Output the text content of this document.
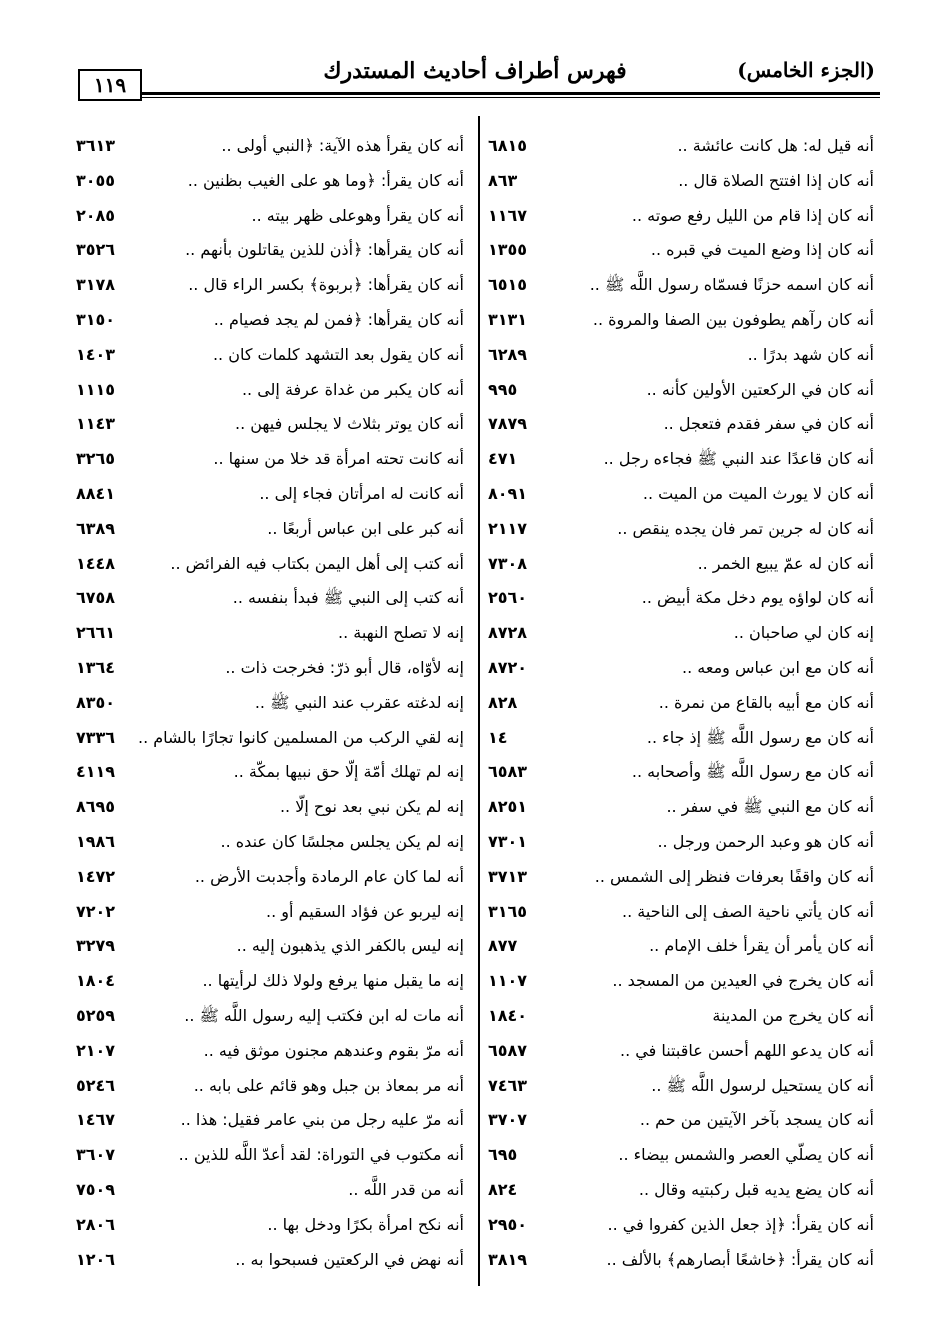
(الجزء الخامس)
فهرس أطراف أحاديث المستدرك
١١٩
أنه قيل له: هل كانت عائشة ..
٦٨١٥
أنه كان إذا افتتح الصلاة قال ..
٨٦٣
أنه كان إذا قام من الليل رفع صوته ..
١١٦٧
أنه كان إذا وضع الميت في قبره ..
١٣٥٥
أنه كان اسمه حزنًا فسمّاه رسول اللَّه ﷺ ..
٦٥١٥
أنه كان رآهم يطوفون بين الصفا والمروة ..
٣١٣١
أنه كان شهد بدرًا ..
٦٢٨٩
أنه كان في الركعتين الأولين كأنه ..
٩٩٥
أنه كان في سفر فقدم فتعجل ..
٧٨٧٩
أنه كان قاعدًا عند النبي ﷺ فجاءه رجل ..
٤٧١
أنه كان لا يورث الميت من الميت ..
٨٠٩١
أنه كان له جرين تمر فان يجده ينقص ..
٢١١٧
أنه كان له عمّ يبيع الخمر ..
٧٣٠٨
أنه كان لواؤه يوم دخل مكة أبيض ..
٢٥٦٠
إنه كان لي صاحبان ..
٨٧٢٨
أنه كان مع ابن عباس ومعه ..
٨٧٢٠
أنه كان مع أبيه بالقاع من نمرة ..
٨٢٨
أنه كان مع رسول اللَّه ﷺ إذ جاء ..
١٤
أنه كان مع رسول اللَّه ﷺ وأصحابه ..
٦٥٨٣
أنه كان مع النبي ﷺ في سفر ..
٨٢٥١
أنه كان هو وعبد الرحمن ورجل ..
٧٣٠١
أنه كان واقفًا بعرفات فنظر إلى الشمس ..
٣٧١٣
أنه كان يأتي ناحية الصف إلى الناحية ..
٣١٦٥
أنه كان يأمر أن يقرأ خلف الإمام ..
٨٧٧
أنه كان يخرج في العيدين من المسجد ..
١١٠٧
أنه كان يخرج من المدينة
١٨٤٠
أنه كان يدعو اللهم أحسن عاقبتنا في ..
٦٥٨٧
أنه كان يستحيل لرسول اللَّه ﷺ ..
٧٤٦٣
أنه كان يسجد بآخر الآيتين من حم ..
٣٧٠٧
أنه كان يصلّي العصر والشمس بيضاء ..
٦٩٥
أنه كان يضع يديه قبل ركبتيه وقال ..
٨٢٤
أنه كان يقرأ: ﴿إذ جعل الذين كفروا في ..
٢٩٥٠
أنه كان يقرأ: ﴿خاشعًا أبصارهم﴾ بالألف ..
٣٨١٩
أنه كان يقرأ هذه الآية: ﴿النبي أولى ..
٣٦١٣
أنه كان يقرأ: ﴿وما هو على الغيب بظنين ..
٣٠٥٥
أنه كان يقرأ وهوعلى ظهر بيته ..
٢٠٨٥
أنه كان يقرأها: ﴿أذن للذين يقاتلون بأنهم ..
٣٥٢٦
أنه كان يقرأها: ﴿بربوة﴾ بكسر الراء قال ..
٣١٧٨
أنه كان يقرأها: ﴿فمن لم يجد فصيام ..
٣١٥٠
أنه كان يقول بعد التشهد كلمات كان ..
١٤٠٣
أنه كان يكبر من غداة عرفة إلى ..
١١١٥
أنه كان يوتر بثلاث لا يجلس فيهن ..
١١٤٣
أنه كانت تحته امرأة قد خلا من سنها ..
٣٢٦٥
أنه كانت له امرأتان فجاء إلى ..
٨٨٤١
أنه كبر على ابن عباس أربعًا ..
٦٣٨٩
أنه كتب إلى أهل اليمن بكتاب فيه الفرائض ..
١٤٤٨
أنه كتب إلى النبي ﷺ فبدأ بنفسه ..
٦٧٥٨
إنه لا تصلح النهبة ..
٢٦٦١
إنه لأوّاه، قال أبو ذرّ: فخرجت ذات ..
١٣٦٤
إنه لدغته عقرب عند النبي ﷺ ..
٨٣٥٠
إنه لقي الركب من المسلمين كانوا تجارًا بالشام ..
٧٣٣٦
إنه لم تهلك أمّة إلّا حق نبيها بمكّة ..
٤١١٩
إنه لم يكن نبي بعد نوح إلّا ..
٨٦٩٥
إنه لم يكن يجلس مجلسًا كان عنده ..
١٩٨٦
أنه لما كان عام الرمادة وأجدبت الأرض ..
١٤٧٢
إنه ليربو عن فؤاد السقيم أو ..
٧٢٠٢
إنه ليس بالكفر الذي يذهبون إليه ..
٣٢٧٩
إنه ما يقبل منها يرفع ولولا ذلك لرأيتها ..
١٨٠٤
أنه مات له ابن فكتب إليه رسول اللَّه ﷺ ..
٥٢٥٩
أنه مرّ بقوم وعندهم مجنون موثق فيه ..
٢١٠٧
أنه مر بمعاذ بن جبل وهو قائم على بابه ..
٥٢٤٦
أنه مرّ عليه رجل من بني عامر فقيل: هذا ..
١٤٦٧
أنه مكتوب في التوراة: لقد أعدّ اللَّه للذين ..
٣٦٠٧
أنه من قدر اللَّه ..
٧٥٠٩
أنه نكح امرأة بكرًا ودخل بها ..
٢٨٠٦
أنه نهض في الركعتين فسبحوا به ..
١٢٠٦
